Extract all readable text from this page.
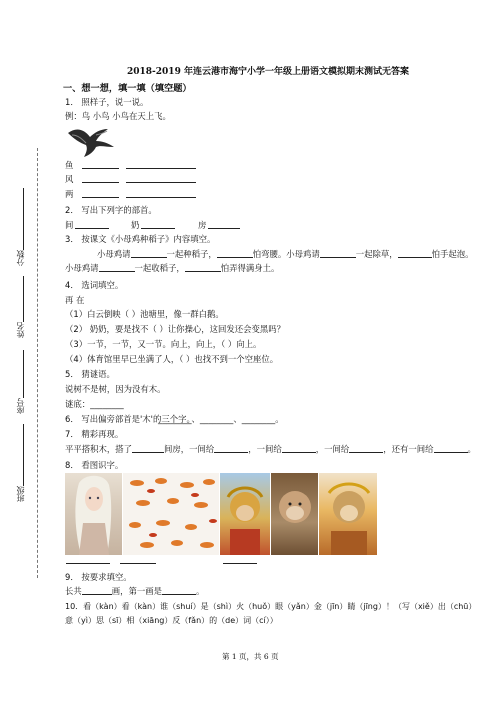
分数
姓名
座号
班级
2018-2019 年连云港市海宁小学一年级上册语文模拟期末测试无答案
一、想一想，填一填（填空题）
1． 照样子，说一说。
例：鸟 小鸟 小鸟在天上飞。
鱼
风
两
2． 写出下列字的部首。
间	奶	房
3． 按课文《小母鸡种稻子》内容填空。
小母鸡请	一起种稻子，	怕弯腰。小母鸡请	一起除草，	怕手起泡。
小母鸡请	一起收稻子，	怕弄得满身土。
4． 选词填空。
再 在
（1）白云倒映（ ）池塘里，像一群白鹅。
（2） 奶奶，要是找不（ ）让你操心，这回发还会变黑吗？
（3）一节，一节，又一节。向上，向上，（ ）向上。
（4）体育馆里早已坐满了人，（ ）也找不到一个空座位。
5． 猜谜语。
说树不是树，因为没有木。
谜底：________
6． 写出偏旁部首是'木'的三个字。
________、________、________。
7． 精彩再现。
平平搭积木，搭了	间房，一间给	，一间给	，一间给	，还有一间给	。
8． 看图识字。
9． 按要求填空。
长共	画，第一画是	。
10．看（kàn）看（kàn）谁（shuí）是（shì）火（huǒ）眼（yǎn）金（jīn）睛（jīng）！（写（xiě）出（chū）
意（yì）思（sī）相（xiāng）反（fǎn）的（de）词（cí））
第 1 页，共 6 页
